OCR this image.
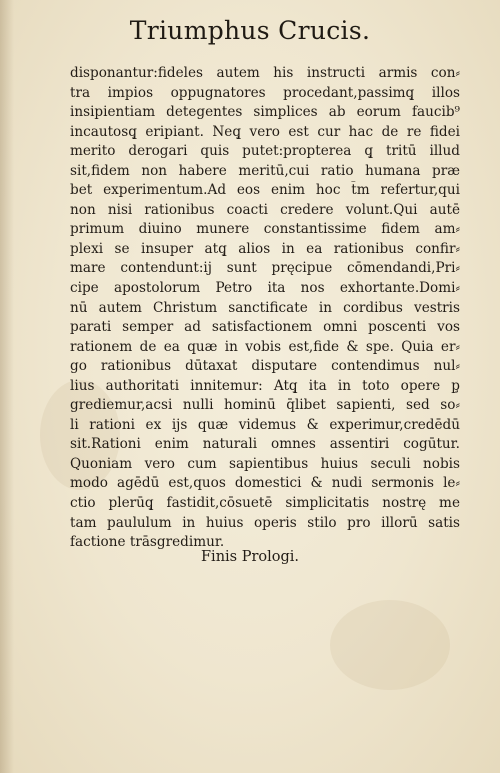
Triumphus Crucis.
disponantur:fideles autem his instructi armis con⸗
tra impios oppugnatores procedant,passimq̧ illos
insipientiam detegentes simplices ab eorum faucib⁹
incautosq̧ eripiant. Neq̧ vero est cur hac de re fidei
merito derogari quis putet:propterea q̧ tritū illud
sit,fidem non habere meritū,cui ratio humana præ
bet experimentum.Ad eos enim hoc t̄m refertur,qui
non nisi rationibus coacti credere volunt.Qui autē
primum diuino munere constantissime fidem am⸗
plexi se insuper atq̧ alios in ea rationibus confir⸗
mare contendunt:ij sunt pręcipue cōmendandi,Pri⸗
cipe apostolorum Petro ita nos exhortante.Domi⸗
nū autem Christum sanctificate in cordibus vestris
parati semper ad satisfactionem omni poscenti vos
rationem de ea quæ in vobis est,fide & spe. Quia er⸗
go rationibus dūtaxat disputare contendimus nul⸗
lius authoritati innitemur: Atq̧ ita in toto opere p̧
grediemur,acsi nulli hominū q̄libet sapienti, sed so⸗
li rationi ex ijs quæ videmus & experimur,credēdū
sit.Rationi enim naturali omnes assentiri cogūtur.
Quoniam vero cum sapientibus huius seculi nobis
modo agēdū est,quos domestici & nudi sermonis le⸗
ctio plerūq̧ fastidit,cōsuetē simplicitatis nostrę me
tam paululum in huius operis stilo pro illorū satis
factione trāsgredimur.
Finis Prologi.
